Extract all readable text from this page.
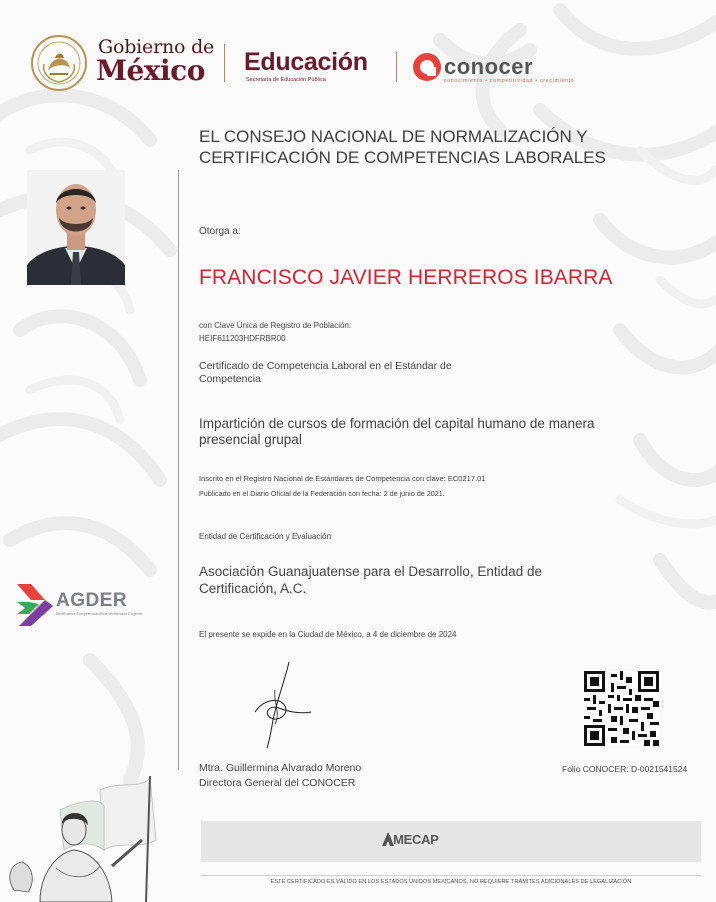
Gobierno de
México Educación
Secretaría de Educación Pública
conocer
conocimiento • competitividad • crecimiento
EL CONSEJO NACIONAL DE NORMALIZACIÓN Y CERTIFICACIÓN DE COMPETENCIAS LABORALES
Otorga a:
FRANCISCO JAVIER HERREROS IBARRA
con Clave Única de Registro de Población:
HEIF611203HDFRBR00
Certificado de Competencia Laboral en el Estándar de Competencia
Impartición de cursos de formación del capital humano de manera presencial grupal
Inscrito en el Registro Nacional de Estándares de Competencia con clave: EC0217.01
Publicado en el Diario Oficial de la Federación con fecha: 2 de junio de 2021.
Entidad de Certificación y Evaluación
Asociación Guanajuatense para el Desarrollo, Entidad de Certificación, A.C.
El presente se expide en la Ciudad de México, a 4 de diciembre de 2024
AGDER
Certificamos Competencias Para Un Mercado Exigente
Mtra. Guillermina Alvarado Moreno
Directora General del CONOCER
Folio CONOCER: D-0021541524
AMECAP
ESTE CERTIFICADO ES VÁLIDO EN LOS ESTADOS UNIDOS MEXICANOS, NO REQUIERE TRÁMITES ADICIONALES DE LEGALIZACIÓN
